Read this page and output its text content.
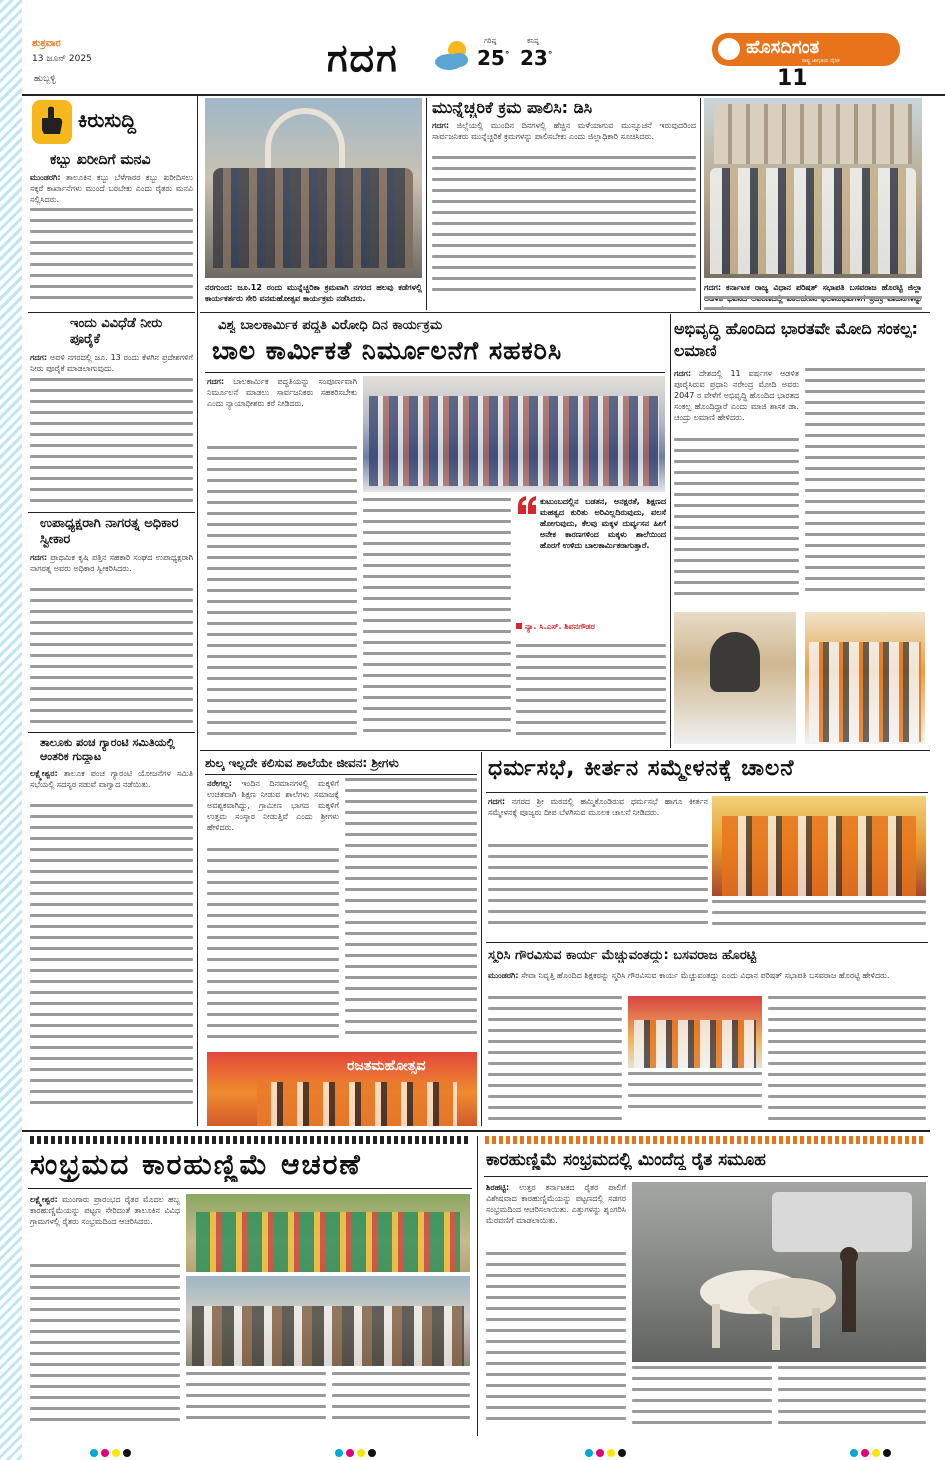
ಶುಕ್ರವಾರ
13 ಜೂನ್ 2025
ಹುಬ್ಬಳ್ಳಿ	ಗದಗ	ಗರಿಷ್ಠ
25°
ಕನಿಷ್ಠ
23°	ಹೊಸದಿಗಂತ
ರಾಷ್ಟ್ರ ಜಾಗೃತಿಯ ದೈನಿಕ
11
ಕಿರುಸುದ್ದಿ
ಕಬ್ಬು ಖರೀದಿಗೆ ಮನವಿ
ಮುಂಡರಗಿ: ತಾಲೂಕಿನ ಕಬ್ಬು ಬೆಳೆಗಾರರ ಕಬ್ಬು ಖರೀದಿಸಲು ಸಕ್ಕರೆ ಕಾರ್ಖಾನೆಗಳು ಮುಂದೆ ಬರಬೇಕು ಎಂದು ರೈತರು ಮನವಿ ಸಲ್ಲಿಸಿದರು.
ಇಂದು ವಿವಿಧೆಡೆ ನೀರು ಪೂರೈಕೆ
ಗದಗ: ಅವಳಿ ನಗರದಲ್ಲಿ ಜೂ. 13 ರಂದು ಕೆಳಗಿನ ಪ್ರದೇಶಗಳಿಗೆ ನೀರು ಪೂರೈಕೆ ಮಾಡಲಾಗುವುದು.
ಉಪಾಧ್ಯಕ್ಷರಾಗಿ ನಾಗರತ್ನ ಅಧಿಕಾರ ಸ್ವೀಕಾರ
ಗದಗ: ಪ್ರಾಥಮಿಕ ಕೃಷಿ ಪತ್ತಿನ ಸಹಕಾರಿ ಸಂಘದ ಉಪಾಧ್ಯಕ್ಷರಾಗಿ ನಾಗರತ್ನ ಅವರು ಅಧಿಕಾರ ಸ್ವೀಕರಿಸಿದರು.
ತಾಲೂಕು ಪಂಚ ಗ್ಯಾರಂಟಿ ಸಮಿತಿಯಲ್ಲಿ ಆಂತರಿಕ ಗುದ್ದಾಟ
ಲಕ್ಷ್ಮೇಶ್ವರ: ತಾಲೂಕ ಪಂಚ ಗ್ಯಾರಂಟಿ ಯೋಜನೆಗಳ ಸಮಿತಿ ಸಭೆಯಲ್ಲಿ ಸದಸ್ಯರ ನಡುವೆ ವಾಗ್ವಾದ ನಡೆಯಿತು.
ನರಗುಂದ: ಜೂ.12 ರಂದು ಮುನ್ನೆಚ್ಚರಿಕಾ ಕ್ರಮವಾಗಿ ನಗರದ ಹಲವು ಕಡೆಗಳಲ್ಲಿ ಕಾರ್ಯಕರ್ತರು ಸೇರಿ ವನಮಹೋತ್ಸವ ಕಾರ್ಯಕ್ರಮ ನಡೆಸಿದರು.
ಮುನ್ನೆಚ್ಚರಿಕೆ ಕ್ರಮ ಪಾಲಿಸಿ: ಡಿಸಿ
ಗದಗ: ಜಿಲ್ಲೆಯಲ್ಲಿ ಮುಂದಿನ ದಿನಗಳಲ್ಲಿ ಹೆಚ್ಚಿನ ಮಳೆಯಾಗುವ ಮುನ್ಸೂಚನೆ ಇರುವುದರಿಂದ ಸಾರ್ವಜನಿಕರು ಮುನ್ನೆಚ್ಚರಿಕೆ ಕ್ರಮಗಳನ್ನು ಪಾಲಿಸಬೇಕು ಎಂದು ಜಿಲ್ಲಾಧಿಕಾರಿ ಸೂಚಿಸಿದರು.
ಗದಗ: ಕರ್ನಾಟಕ ರಾಜ್ಯ ವಿಧಾನ ಪರಿಷತ್ ಸಭಾಪತಿ ಬಸವರಾಜ ಹೊರಟ್ಟಿ ಜಿಲ್ಲಾ
ವಿಶ್ವ ಬಾಲಕಾರ್ಮಿಕ ಪದ್ಧತಿ ವಿರೋಧಿ ದಿನ ಕಾರ್ಯಕ್ರಮ
ಬಾಲ ಕಾರ್ಮಿಕತೆ ನಿರ್ಮೂಲನೆಗೆ ಸಹಕರಿಸಿ
ಗದಗ: ಬಾಲಕಾರ್ಮಿಕ ಪದ್ಧತಿಯನ್ನು ಸಂಪೂರ್ಣವಾಗಿ ನಿರ್ಮೂಲನೆ ಮಾಡಲು ಸಾರ್ವಜನಿಕರು ಸಹಕರಿಸಬೇಕು ಎಂದು ನ್ಯಾಯಾಧೀಶರು ಕರೆ ನೀಡಿದರು.
ಕುಟುಂಬದಲ್ಲಿನ ಬಡತನ, ಅನಕ್ಷರತೆ, ಶಿಕ್ಷಣದ ಮಹತ್ವದ ಕುರಿತು ಅರಿವಿಲ್ಲದಿರುವುದು, ವಲಸೆ ಹೋಗುವುದು, ಕೆಲವು ಮಕ್ಕಳ ದುರ್ವ್ಯಸನ ಹೀಗೆ ಅನೇಕ ಕಾರಣಗಳಿಂದ ಮಕ್ಕಳು ಶಾಲೆಯಿಂದ ಹೊರಗೆ ಉಳಿದು ಬಾಲಕಾರ್ಮಿಕರಾಗುತ್ತಾರೆ.
ನ್ಯಾ. ಸಿ.ಎಸ್. ಶಿವನಗೌಡರ
ಅಭಿವೃದ್ಧಿ ಹೊಂದಿದ ಭಾರತವೇ ಮೋದಿ ಸಂಕಲ್ಪ: ಲಮಾಣಿ
ಗದಗ: ದೇಶದಲ್ಲಿ 11 ವರ್ಷಗಳ ಆಡಳಿತ ಪೂರೈಸಿರುವ ಪ್ರಧಾನಿ ನರೇಂದ್ರ ಮೋದಿ ಅವರು 2047 ರ ವೇಳೆಗೆ ಅಭಿವೃದ್ಧಿ ಹೊಂದಿದ ಭಾರತದ ಸಂಕಲ್ಪ ಹೊಂದಿದ್ದಾರೆ ಎಂದು ಮಾಜಿ ಶಾಸಕ ಡಾ. ಚಂದ್ರು ಲಮಾಣಿ ಹೇಳಿದರು.
ಶುಲ್ಕ ಇಲ್ಲದೇ ಕಲಿಸುವ ಶಾಲೆಯೇ ಜೀವನ: ಶ್ರೀಗಳು
ನರೇಗಲ್ಲ: ಇಂದಿನ ದಿನಮಾನಗಳಲ್ಲಿ ಮಕ್ಕಳಿಗೆ ಉಚಿತವಾಗಿ ಶಿಕ್ಷಣ ನೀಡುವ ಶಾಲೆಗಳು ಸಮಾಜಕ್ಕೆ ಅವಶ್ಯಕವಾಗಿದ್ದು, ಗ್ರಾಮೀಣ ಭಾಗದ ಮಕ್ಕಳಿಗೆ ಉತ್ತಮ ಸಂಸ್ಕಾರ ನೀಡುತ್ತಿವೆ ಎಂದು ಶ್ರೀಗಳು ಹೇಳಿದರು.
ರಜತಮಹೋತ್ಸವ
ಧರ್ಮಸಭೆ, ಕೀರ್ತನ ಸಮ್ಮೇಳನಕ್ಕೆ ಚಾಲನೆ
ಗದಗ: ನಗರದ ಶ್ರೀ ಮಠದಲ್ಲಿ ಹಮ್ಮಿಕೊಂಡಿರುವ ಧರ್ಮಸಭೆ ಹಾಗೂ ಕೀರ್ತನ ಸಮ್ಮೇಳನಕ್ಕೆ ಪೂಜ್ಯರು ದೀಪ ಬೆಳಗಿಸುವ ಮೂಲಕ ಚಾಲನೆ ನೀಡಿದರು.
ಸ್ಮರಿಸಿ ಗೌರವಿಸುವ ಕಾರ್ಯ ಮೆಚ್ಚುವಂತದ್ದು: ಬಸವರಾಜ ಹೊರಟ್ಟಿ
ಮುಂಡರಗಿ: ಸೇವಾ ನಿವೃತ್ತಿ ಹೊಂದಿದ ಶಿಕ್ಷಕರನ್ನು ಸ್ಮರಿಸಿ ಗೌರವಿಸುವ ಕಾರ್ಯ ಮೆಚ್ಚುವಂತದ್ದು ಎಂದು ವಿಧಾನ ಪರಿಷತ್ ಸಭಾಪತಿ ಬಸವರಾಜ ಹೊರಟ್ಟಿ ಹೇಳಿದರು.
ಸಂಭ್ರಮದ ಕಾರಹುಣ್ಣಿಮೆ ಆಚರಣೆ
ಲಕ್ಷ್ಮೇಶ್ವರ: ಮುಂಗಾರು ಪ್ರಾರಂಭದ ರೈತರ ಮೊದಲ ಹಬ್ಬ ಕಾರಹುಣ್ಣಿಮೆಯನ್ನು ಪಟ್ಟಣ ಸೇರಿದಂತೆ ತಾಲೂಕಿನ ವಿವಿಧ ಗ್ರಾಮಗಳಲ್ಲಿ ರೈತರು ಸಂಭ್ರಮದಿಂದ ಆಚರಿಸಿದರು.
ಕಾರಹುಣ್ಣಿಮೆ ಸಂಭ್ರಮದಲ್ಲಿ ಮಿಂದೆದ್ದ ರೈತ ಸಮೂಹ
ಶಿರಹಟ್ಟಿ: ಉತ್ತರ ಕರ್ನಾಟಕದ ರೈತರ ಪಾಲಿಗೆ ವಿಶೇಷವಾದ ಕಾರಹುಣ್ಣಿಮೆಯನ್ನು ಪಟ್ಟಣದಲ್ಲಿ ಸಡಗರ ಸಂಭ್ರಮದಿಂದ ಆಚರಿಸಲಾಯಿತು. ಎತ್ತುಗಳನ್ನು ಶೃಂಗರಿಸಿ ಮೆರವಣಿಗೆ ಮಾಡಲಾಯಿತು.
